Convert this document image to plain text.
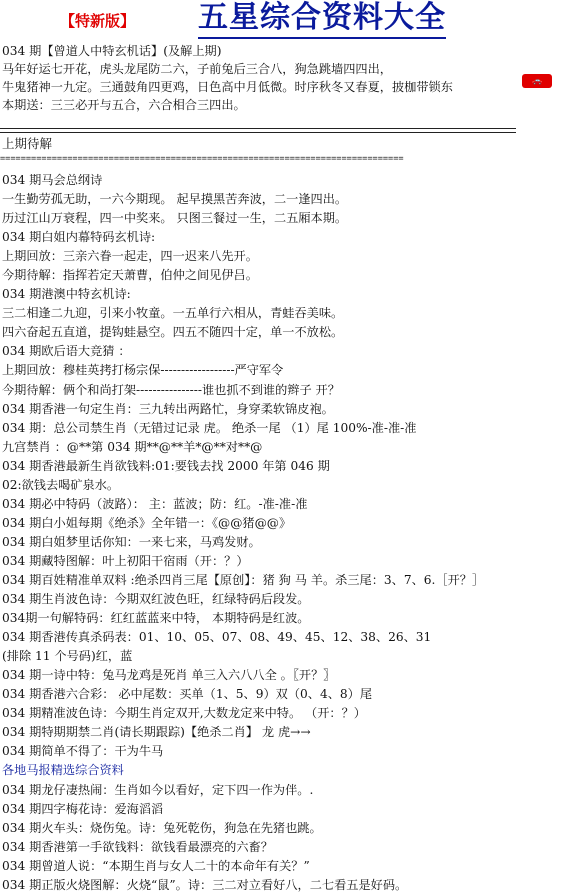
【特新版】 五星综合资料大全
034 期【曾道人中特玄机话】(及解上期)
马年好运七开花，虎头龙尾防二六，子前兔后三合八，狗急跳墙四四出，
牛鬼猪神一九定。三通鼓角四更鸡，日色高中月低微。时序秋冬又春夏，披枷带锁东
本期送：三三必开与五合，六合相合三四出。
🚗
上期待解
==============================================================================
034 期马会总纲诗
一生勤劳孤无助，一六今期现。 起早摸黑苦奔波，二一逢四出。
历过江山万衰程，四一中奖来。 只图三餐过一生，二五厢本期。
034 期白姐内幕特码玄机诗:
上期回放：三亲六眷一起走，四一迟来八先开。
今期待解：指挥若定天萧曹，伯仲之间见伊吕。
034 期港澳中特玄机诗:
三二相逢二九迎，引来小牧童。一五单行六相从，青蛙吞美味。
四六奋起五直道，提钩蛙悬空。四五不随四十定，单一不放松。
034 期欧后语大竞猜 ：
上期回放：穆桂英拷打杨宗保------------------严守军令
今期待解：俩个和尚打架----------------谁也抓不到谁的辫子 开？
034 期香港一句定生肖：三九转出两路忙，身穿柔软锦皮袍。
034 期：总公司禁生肖（无错过记录 虎。 绝杀一尾 （1）尾 100%-准-准-准
九宫禁肖 ：@**第 034 期**@**羊*@**对**@
034 期香港最新生肖欲钱料:01:要钱去找 2000 年第 046 期
02:欲钱去喝矿泉水。
034 期必中特码（波路）： 主：蓝波；防：红。-准-准-准
034 期白小姐每期《绝杀》全年错一：《@@猪@@》
034 期白姐梦里话你知：一来七来，马鸡发财。
034 期藏特图解：叶上初阳干宿雨（开：？）
034 期百姓精准单双料 :绝杀四肖三尾【原创】：猪 狗 马 羊。杀三尾：3、7、6.［开？］
034 期生肖波色诗：今期双红波色旺，红绿特码后段发。
034期一句解特码：红红蓝蓝来中特， 本期特码是红波。
034 期香港传真杀码表：01、10、05、07、08、49、45、12、38、26、31
(排除 11 个号码)红，蓝
034 期一诗中特：兔马龙鸡是死肖 单三入六八八全 。〖开？〗
034 期香港六合彩： 必中尾数：买单（1、5、9）双（0、4、8）尾
034 期精准波色诗：今期生肖定双开,大数龙定来中特。 （开：？）
034 期特期期禁二肖(请长期跟踪)【绝杀二肖】 龙 虎→→
034 期简单不得了：干为牛马
各地马报精选综合资料
034 期龙仔凄热闹：生肖如今以看好，定下四一作为伴。.
034 期四字梅花诗：爱海滔滔
034 期火车头：烧伤兔。诗：兔死乾伤，狗急在先猪也跳。
034 期香港第一手欲钱料：欲钱看最漂亮的六畜？
034 期曾道人说：“本期生肖与女人二十的本命年有关？”
034 期正版火烧图解：火烧“鼠”。诗：三二对立看好八，二七看五是好码。
